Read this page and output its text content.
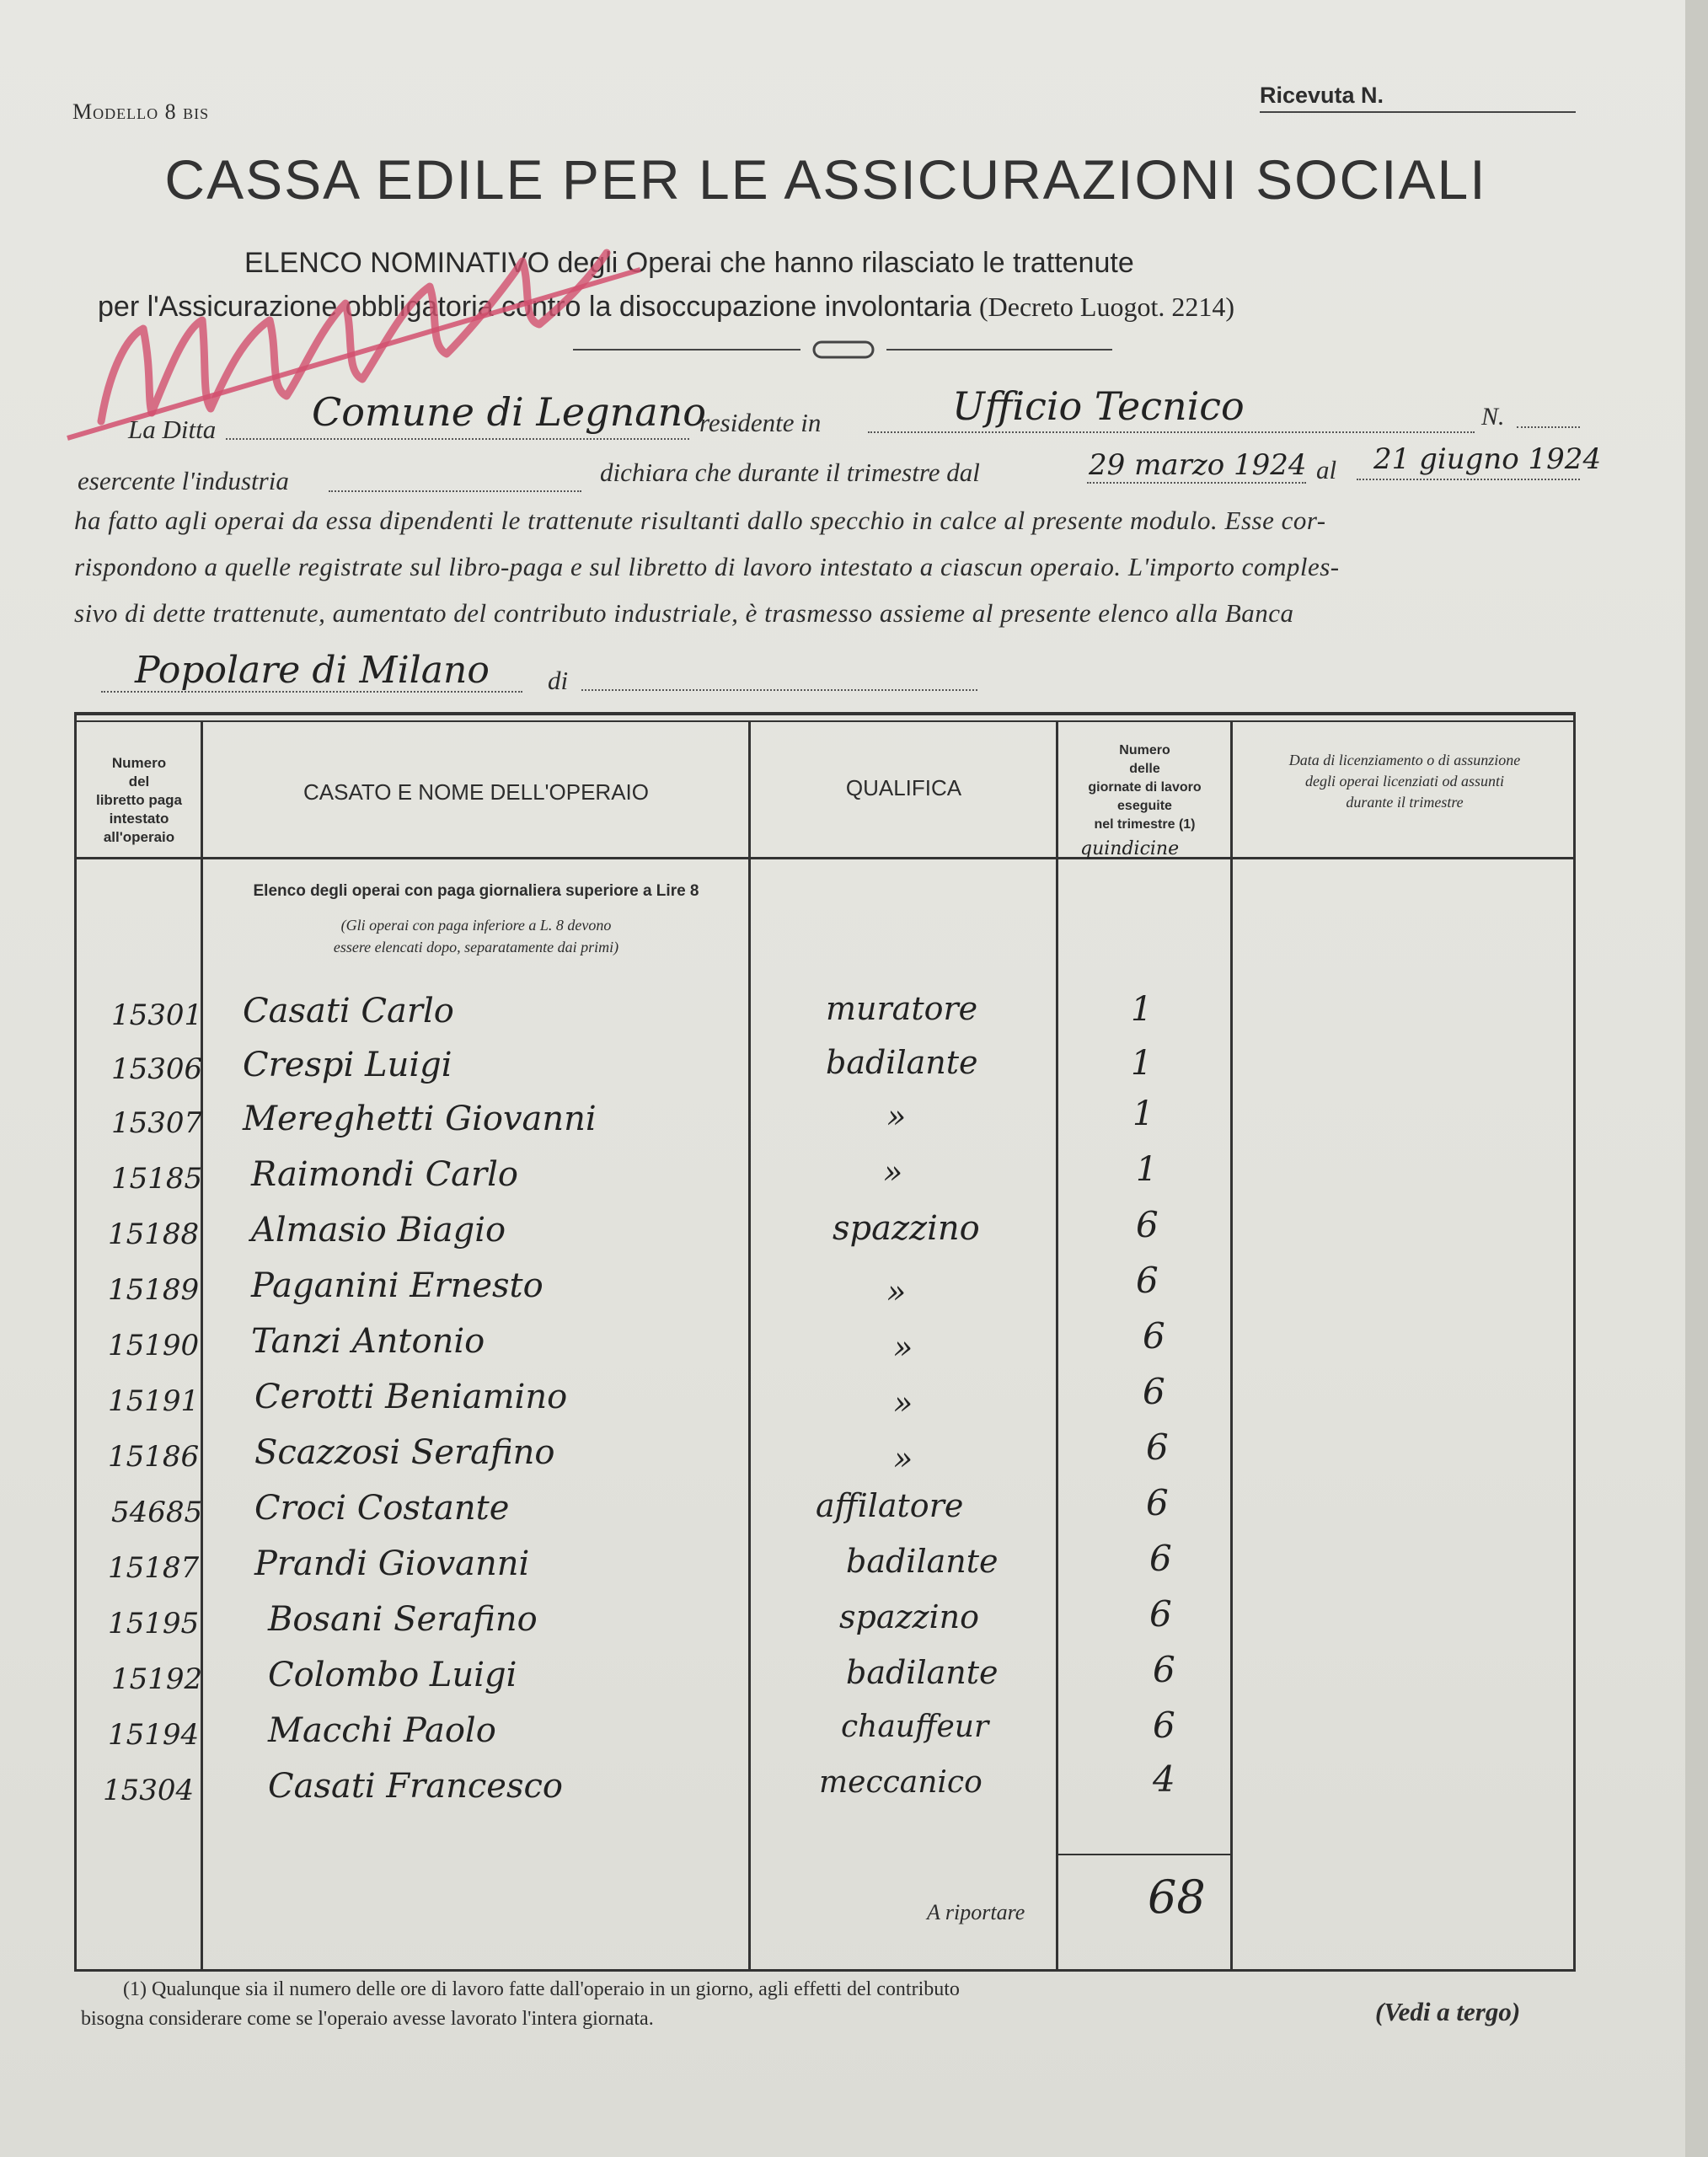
Modello 8 bis
Ricevuta N.
CASSA EDILE PER LE ASSICURAZIONI SOCIALI
ELENCO NOMINATIVO degli Operai che hanno rilasciato le trattenute
per l'Assicurazione obbligatoria contro la disoccupazione involontaria (Decreto Luogot. 2214)
La Ditta Comune di Legnano
residente in	Ufficio Tecnico	N.
esercente l'industria	dichiara che durante il trimestre dal	29 marzo 1924 al 21 giugno 1924
ha fatto agli operai da essa dipendenti le trattenute risultanti dallo specchio in calce al presente modulo. Esse cor-
rispondono a quelle registrate sul libro-paga e sul libretto di lavoro intestato a ciascun operaio. L'importo comples-
sivo di dette trattenute, aumentato del contributo industriale, è trasmesso assieme al presente elenco alla Banca
Popolare di Milano di
Numero
del
libretto paga
intestato
all'operaio
CASATO E NOME DELL'OPERAIO	QUALIFICA
Numero
delle
giornate di lavoro
eseguite
nel trimestre (1)
quindicine
Data di licenziamento o di assunzione
degli operai licenziati od assunti
durante il trimestre
Elenco degli operai con paga giornaliera superiore a Lire 8
(Gli operai con paga inferiore a L. 8 devono
essere elencati dopo, separatamente dai primi)
15301 Casati Carlo	muratore	1
15306 Crespi Luigi	badilante	1
15307 Mereghetti Giovanni	»	1
15185 Raimondi Carlo	»	1
15188 Almasio Biagio	spazzino	6
15189 Paganini Ernesto	»	6
15190 Tanzi Antonio	»	6
15191 Cerotti Beniamino	»	6
15186 Scazzosi Serafino	»	6
54685 Croci Costante	affilatore	6
15187 Prandi Giovanni	badilante	6
15195 Bosani Serafino	spazzino	6
15192 Colombo Luigi	badilante	6
15194 Macchi Paolo	chauffeur	6
15304 Casati Francesco	meccanico	4
A riportare	68
(1) Qualunque sia il numero delle ore di lavoro fatte dall'operaio in un giorno, agli effetti del contributo
bisogna considerare come se l'operaio avesse lavorato l'intera giornata.	(Vedi a tergo)
